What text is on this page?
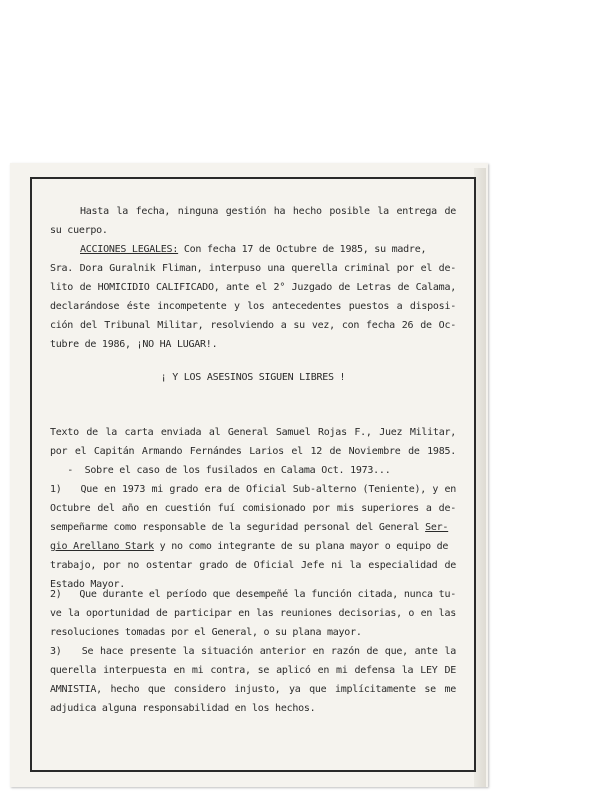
Hasta la fecha, ninguna gestión ha hecho posible la entrega de
su cuerpo.
ACCIONES LEGALES: Con fecha 17 de Octubre de 1985, su madre,
Sra. Dora Guralnik Fliman, interpuso una querella criminal por el de-
lito de HOMICIDIO CALIFICADO, ante el 2° Juzgado de Letras de Calama,
declarándose éste incompetente y los antecedentes puestos a disposi-
ción del Tribunal Militar, resolviendo a su vez, con fecha 26 de Oc-
tubre de 1986, ¡NO HA LUGAR!.
¡ Y LOS ASESINOS SIGUEN LIBRES !
Texto de la carta enviada al General Samuel Rojas F., Juez Militar,
por el Capitán Armando Fernándes Larios el 12 de Noviembre de 1985.
-  Sobre el caso de los fusilados en Calama Oct. 1973...
1)   Que en 1973 mi grado era de Oficial Sub-alterno (Teniente), y en
Octubre del año en cuestión fuí comisionado por mis superiores a de-
sempeñarme como responsable de la seguridad personal del General Ser-
gio Arellano Stark y no como integrante de su plana mayor o equipo de
trabajo, por no ostentar grado de Oficial Jefe ni la especialidad de
Estado Mayor.
2)   Que durante el período que desempeñé la función citada, nunca tu-
ve la oportunidad de participar en las reuniones decisorias, o en las
resoluciones tomadas por el General, o su plana mayor.
3)   Se hace presente la situación anterior en razón de que, ante la
querella interpuesta en mi contra, se aplicó en mi defensa la LEY DE
AMNISTIA, hecho que considero injusto, ya que implícitamente se me
adjudica alguna responsabilidad en los hechos.
